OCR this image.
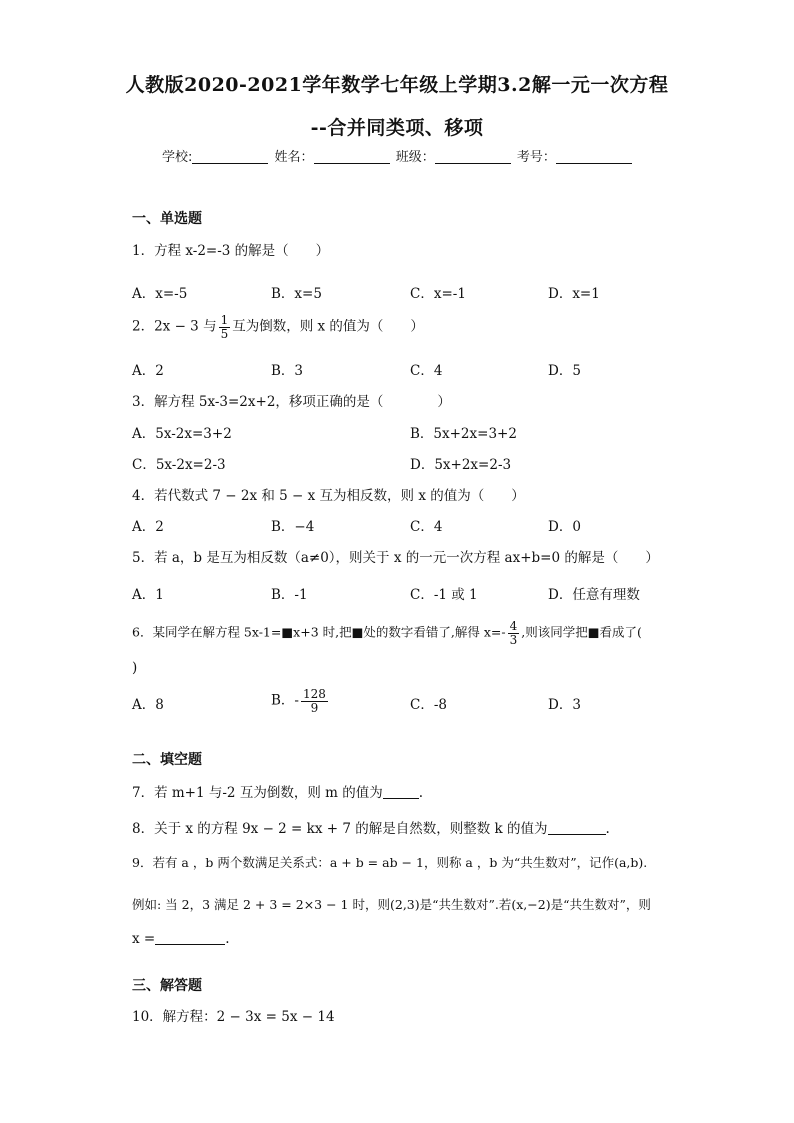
人教版2020-2021学年数学七年级上学期3.2解一元一次方程
--合并同类项、移项
学校:	姓名：	班级：	考号：
一、单选题
1．方程 x-2=-3 的解是（　　）
A．x=-5	B．x=5	C．x=-1	D．x=1
2．2x − 3 与 $\frac{1}{5}$ 互为倒数，则 x 的值为（　　）
A．2	B．3	C．4	D．5
3．解方程 5x-3=2x+2，移项正确的是（　　　　）
A．5x-2x=3+2	B．5x+2x=3+2
C．5x-2x=2-3	D．5x+2x=2-3
4．若代数式 7 − 2x 和 5 − x 互为相反数，则 x 的值为（　　）
A．2	B．−4	C．4	D．0
5．若 a，b 是互为相反数（a≠0），则关于 x 的一元一次方程 ax+b=0 的解是（　　）
A．1	B．-1	C．-1 或 1	D．任意有理数
6．某同学在解方程 5x-1=■x+3 时,把■处的数字看错了,解得 $x=- \frac{4}{3}$ ,则该同学把■看成了(
)
A．8	B．- $\frac{128}{9}$	C．-8	D．3
二、填空题
7．若 m+1 与-2 互为倒数，则 m 的值为	.
8．关于 x 的方程 9x − 2 = kx + 7 的解是自然数，则整数 k 的值为	.
9．若有 a ，b 两个数满足关系式：a + b = ab − 1，则称 a ，b 为“共生数对”，记作(a,b).
例如: 当 2，3 满足 2 + 3 = 2×3 − 1 时，则(2,3)是“共生数对”.若(x,−2)是“共生数对”，则
x =	.
三、解答题
10．解方程：2 − 3x = 5x − 14
